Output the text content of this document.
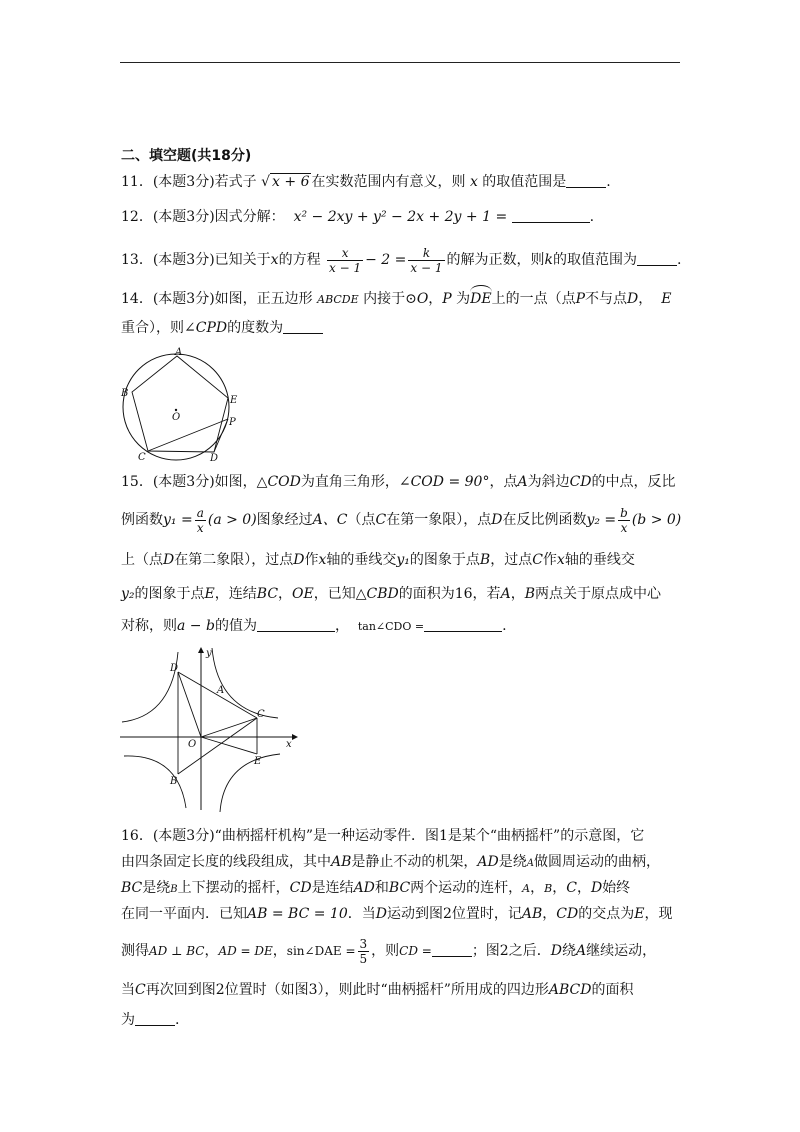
二、填空题(共18分)
11．(本题3分)若式子 √ x + 6 在实数范围内有意义，则 x 的取值范围是	.
12．(本题3分)因式分解： x² − 2xy + y² − 2x + 2y + 1 =	.
13．(本题3分)已知关于x的方程 $\frac{x}{x - 1} - 2 = \frac{k}{x - 1}$ 的解为正数，则k的取值范围为	.
14．(本题3分)如图，正五边形 ABCDE 内接于⊙O，P 为DE上的一点（点P不与点D， E
重合），则∠CPD的度数为
A
B
C	D
E
O	P
15．(本题3分)如图，△COD为直角三角形，∠COD = 90°，点A为斜边CD的中点，反比
例函数$y_1 = \frac{a}{x} (a > 0)$图象经过A、C（点C在第一象限），点D在反比例函数$y_2 = \frac{b}{x} (b > 0)$
上（点D在第二象限），过点D作x轴的垂线交y₁的图象于点B，过点C作x轴的垂线交
y₂的图象于点E，连结BC，OE，已知△CBD的面积为16，若A，B两点关于原点成中心
对称，则a − b的值为	， tan∠CDO =	.
y
x
D
A
C
O
E
B
16．(本题3分)“曲柄摇杆机构”是一种运动零件．图1是某个“曲柄摇杆”的示意图，它
由四条固定长度的线段组成，其中AB是静止不动的机架，AD是绕A做圆周运动的曲柄，
BC是绕B上下摆动的摇杆，CD是连结AD和BC两个运动的连杆，A，B，C，D始终
在同一平面内．已知AB = BC = 10．当D运动到图2位置时，记AB，CD的交点为E，现
测得AD ⊥ BC，AD = DE，sin∠DAE = $\frac{3}{5}$ ，则CD =	；图2之后．D绕A继续运动，
当C再次回到图2位置时（如图3），则此时“曲柄摇杆”所用成的四边形ABCD的面积
为	.
